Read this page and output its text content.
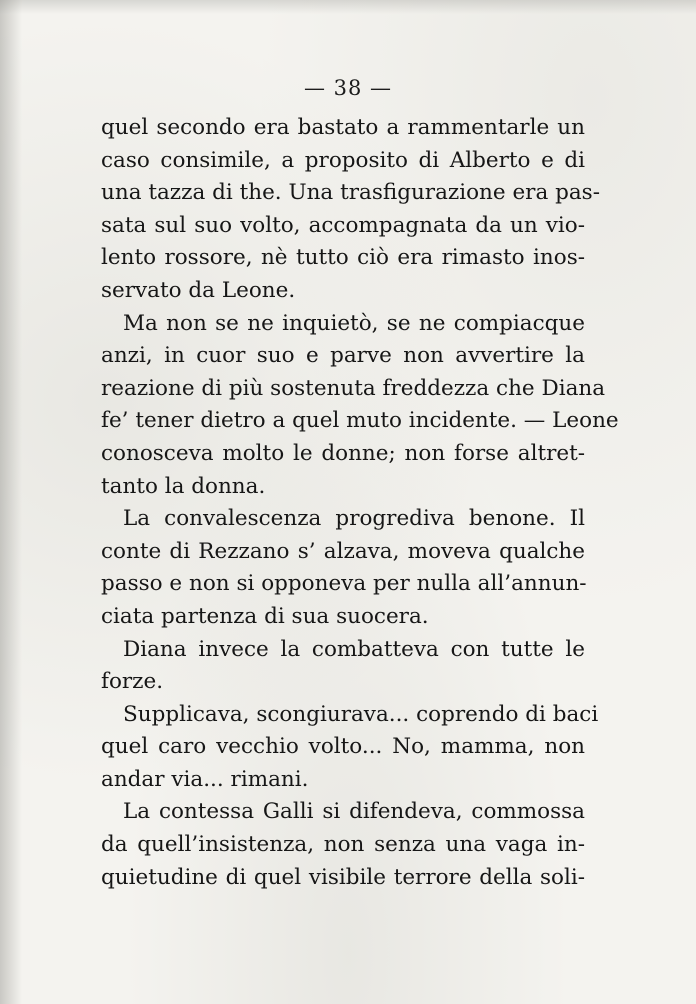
— 38 —
quel secondo era bastato a rammentarle un
caso consimile, a proposito di Alberto e di
una tazza di the. Una trasfigurazione era pas-
sata sul suo volto, accompagnata da un vio-
lento rossore, nè tutto ciò era rimasto inos-
servato da Leone.
Ma non se ne inquietò, se ne compiacque
anzi, in cuor suo e parve non avvertire la
reazione di più sostenuta freddezza che Diana
fe’ tener dietro a quel muto incidente. — Leone
conosceva molto le donne; non forse altret-
tanto la donna.
La convalescenza progrediva benone. Il
conte di Rezzano s’ alzava, moveva qualche
passo e non si opponeva per nulla all’annun-
ciata partenza di sua suocera.
Diana invece la combatteva con tutte le
forze.
Supplicava, scongiurava... coprendo di baci
quel caro vecchio volto... No, mamma, non
andar via... rimani.
La contessa Galli si difendeva, commossa
da quell’insistenza, non senza una vaga in-
quietudine di quel visibile terrore della soli-
